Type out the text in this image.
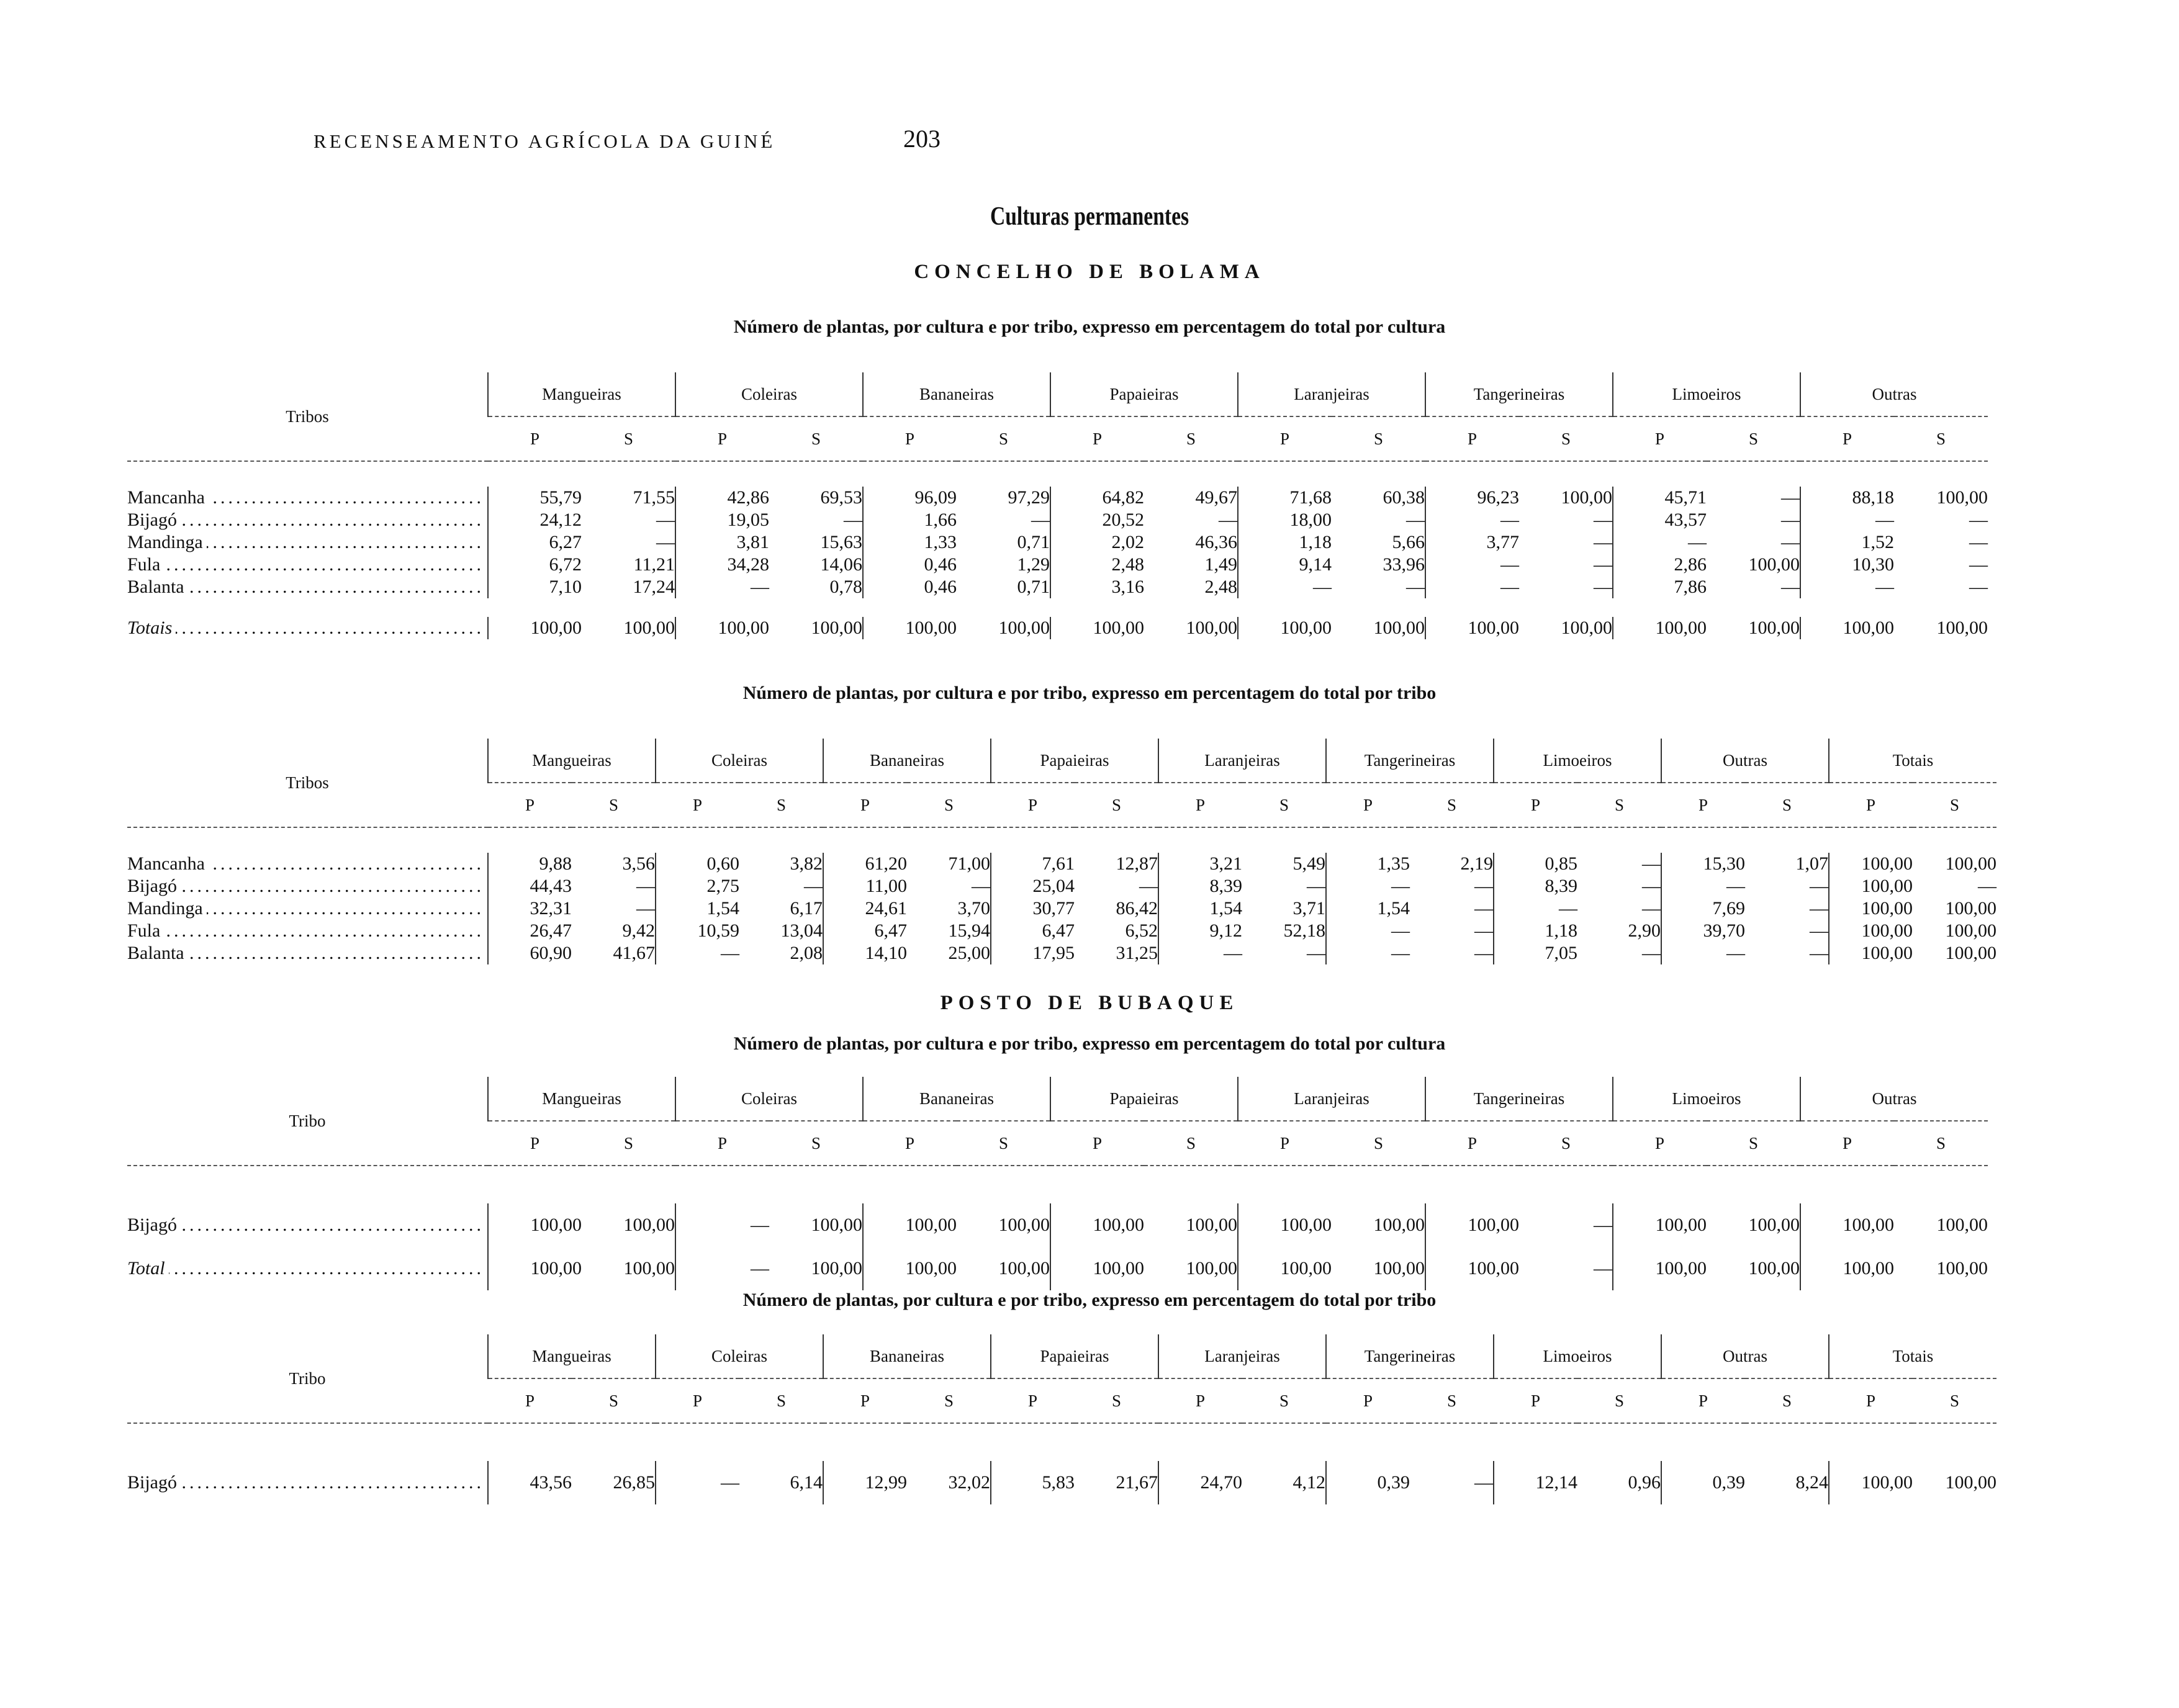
RECENSEAMENTO AGRÍCOLA DA GUINÉ	203
Culturas permanentes
CONCELHO DE BOLAMA
Número de plantas, por cultura e por tribo, expresso em percentagem do total por cultura
Número de plantas, por cultura e por tribo, expresso em percentagem do total por tribo
POSTO DE BUBAQUE
Número de plantas, por cultura e por tribo, expresso em percentagem do total por cultura
Número de plantas, por cultura e por tribo, expresso em percentagem do total por tribo
Tribos	Mangueiras		Coleiras		Bananeiras		Papaieiras		Laranjeiras		Tangerineiras		Limoeiros		Outras	
	P	S	P	S	P	S	P	S	P	S	P	S	P	S	P	S

Mancanha .....	55,79	71,55	42,86	69,53	96,09	97,29	64,82	49,67	71,68	60,38	96,23	100,00	45,71	—	88,18	100,00
Bijagó .....	24,12	—	19,05	—	1,66	—	20,52	—	18,00	—	—	—	43,57	—	—	—
Mandinga .....	6,27	—	3,81	15,63	1,33	0,71	2,02	46,36	1,18	5,66	3,77	—	—	—	1,52	—
Fula .....	6,72	11,21	34,28	14,06	0,46	1,29	2,48	1,49	9,14	33,96	—	—	2,86	100,00	10,30	—
Balanta .....	7,10	17,24	—	0,78	0,46	0,71	3,16	2,48	—	—	—	—	7,86	—	—	—

Totais .....	100,00	100,00	100,00	100,00	100,00	100,00	100,00	100,00	100,00	100,00	100,00	100,00	100,00	100,00	100,00	100,00
Tribos	Mangueiras		Coleiras		Bananeiras		Papaieiras		Laranjeiras		Tangerineiras		Limoeiros		Outras		Totais	
	P	S	P	S	P	S	P	S	P	S	P	S	P	S	P	S	P	S

Mancanha .....	9,88	3,56	0,60	3,82	61,20	71,00	7,61	12,87	3,21	5,49	1,35	2,19	0,85	—	15,30	1,07	100,00	100,00
Bijagó .....	44,43	—	2,75	—	11,00	—	25,04	—	8,39	—	—	—	8,39	—	—	—	100,00	—
Mandinga .....	32,31	—	1,54	6,17	24,61	3,70	30,77	86,42	1,54	3,71	1,54	—	—	—	7,69	—	100,00	100,00
Fula .....	26,47	9,42	10,59	13,04	6,47	15,94	6,47	6,52	9,12	52,18	—	—	1,18	2,90	39,70	—	100,00	100,00
Balanta .....	60,90	41,67	—	2,08	14,10	25,00	17,95	31,25	—	—	—	—	7,05	—	—	—	100,00	100,00
Tribo	Mangueiras		Coleiras		Bananeiras		Papaieiras		Laranjeiras		Tangerineiras		Limoeiros		Outras	
	P	S	P	S	P	S	P	S	P	S	P	S	P	S	P	S

Bijagó .....	100,00	100,00	—	100,00	100,00	100,00	100,00	100,00	100,00	100,00	100,00	—	100,00	100,00	100,00	100,00

Total .....	100,00	100,00	—	100,00	100,00	100,00	100,00	100,00	100,00	100,00	100,00	—	100,00	100,00	100,00	100,00
Tribo	Mangueiras		Coleiras		Bananeiras		Papaieiras		Laranjeiras		Tangerineiras		Limoeiros		Outras		Totais	
	P	S	P	S	P	S	P	S	P	S	P	S	P	S	P	S	P	S

Bijagó .....	43,56	26,85	—	6,14	12,99	32,02	5,83	21,67	24,70	4,12	0,39	—	12,14	0,96	0,39	8,24	100,00	100,00
